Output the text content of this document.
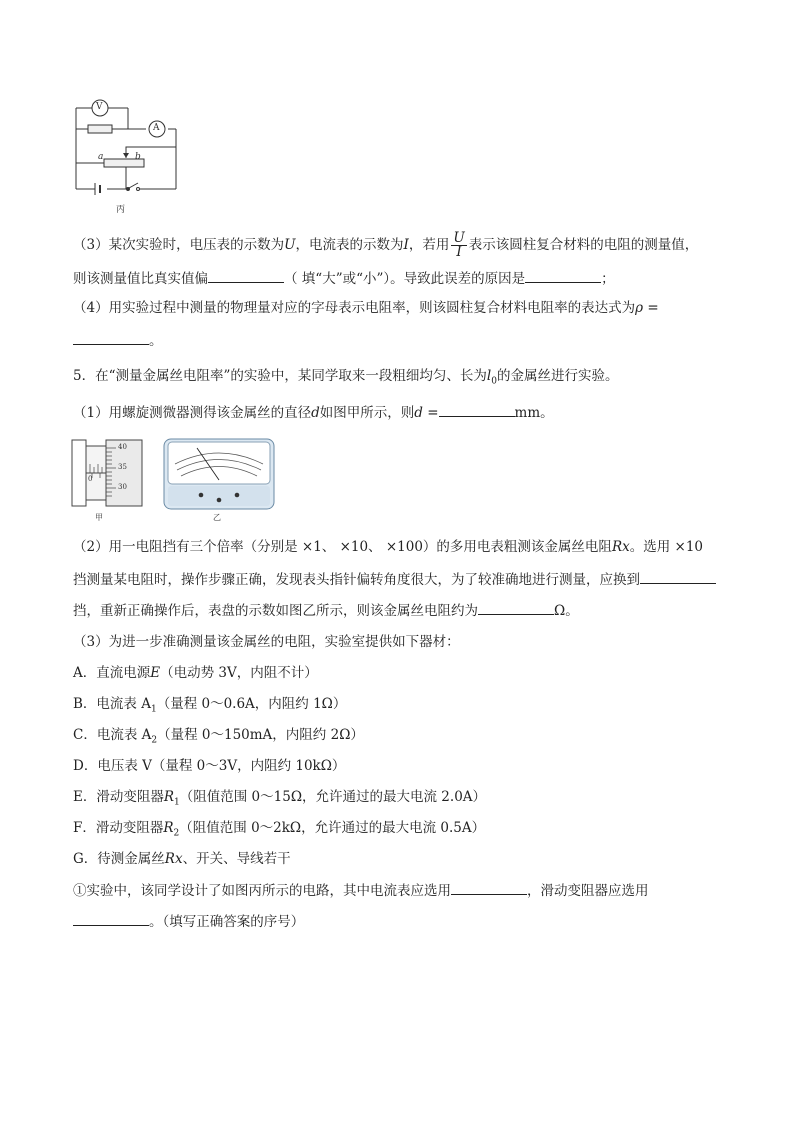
V
A
a	b
丙
（3）某次实验时，电压表的示数为U，电流表的示数为I，若用 $\frac{U}{I}$ 表示该圆柱复合材料的电阻的测量值，
则该测量值比真实值偏	（ 填“大”或“小”）。导致此误差的原因是	；
（4）用实验过程中测量的物理量对应的字母表示电阻率，则该圆柱复合材料电阻率的表达式为ρ =
。
5．在“测量金属丝电阻率”的实验中，某同学取来一段粗细均匀、长为$l_0$的金属丝进行实验。
（1）用螺旋测微器测得该金属丝的直径d如图甲所示，则d =	mm。
40
35
30
0
甲	乙
（2）用一电阻挡有三个倍率（分别是 ×1、 ×10、 ×100）的多用电表粗测该金属丝电阻Rx。选用 ×10
挡测量某电阻时，操作步骤正确，发现表头指针偏转角度很大，为了较准确地进行测量，应换到
挡，重新正确操作后，表盘的示数如图乙所示，则该金属丝电阻约为	Ω。
（3）为进一步准确测量该金属丝的电阻，实验室提供如下器材：
A．直流电源E（电动势 3V，内阻不计）
B．电流表 $A_1$（量程 0～0.6A，内阻约 1Ω）
C．电流表 $A_2$（量程 0～150mA，内阻约 2Ω）
D．电压表 V（量程 0～3V，内阻约 10kΩ）
E．滑动变阻器$R_1$（阻值范围 0～15Ω，允许通过的最大电流 2.0A）
F．滑动变阻器$R_2$（阻值范围 0～2kΩ，允许通过的最大电流 0.5A）
G．待测金属丝Rx、开关、导线若干
①实验中，该同学设计了如图丙所示的电路，其中电流表应选用	，滑动变阻器应选用
。（填写正确答案的序号）
